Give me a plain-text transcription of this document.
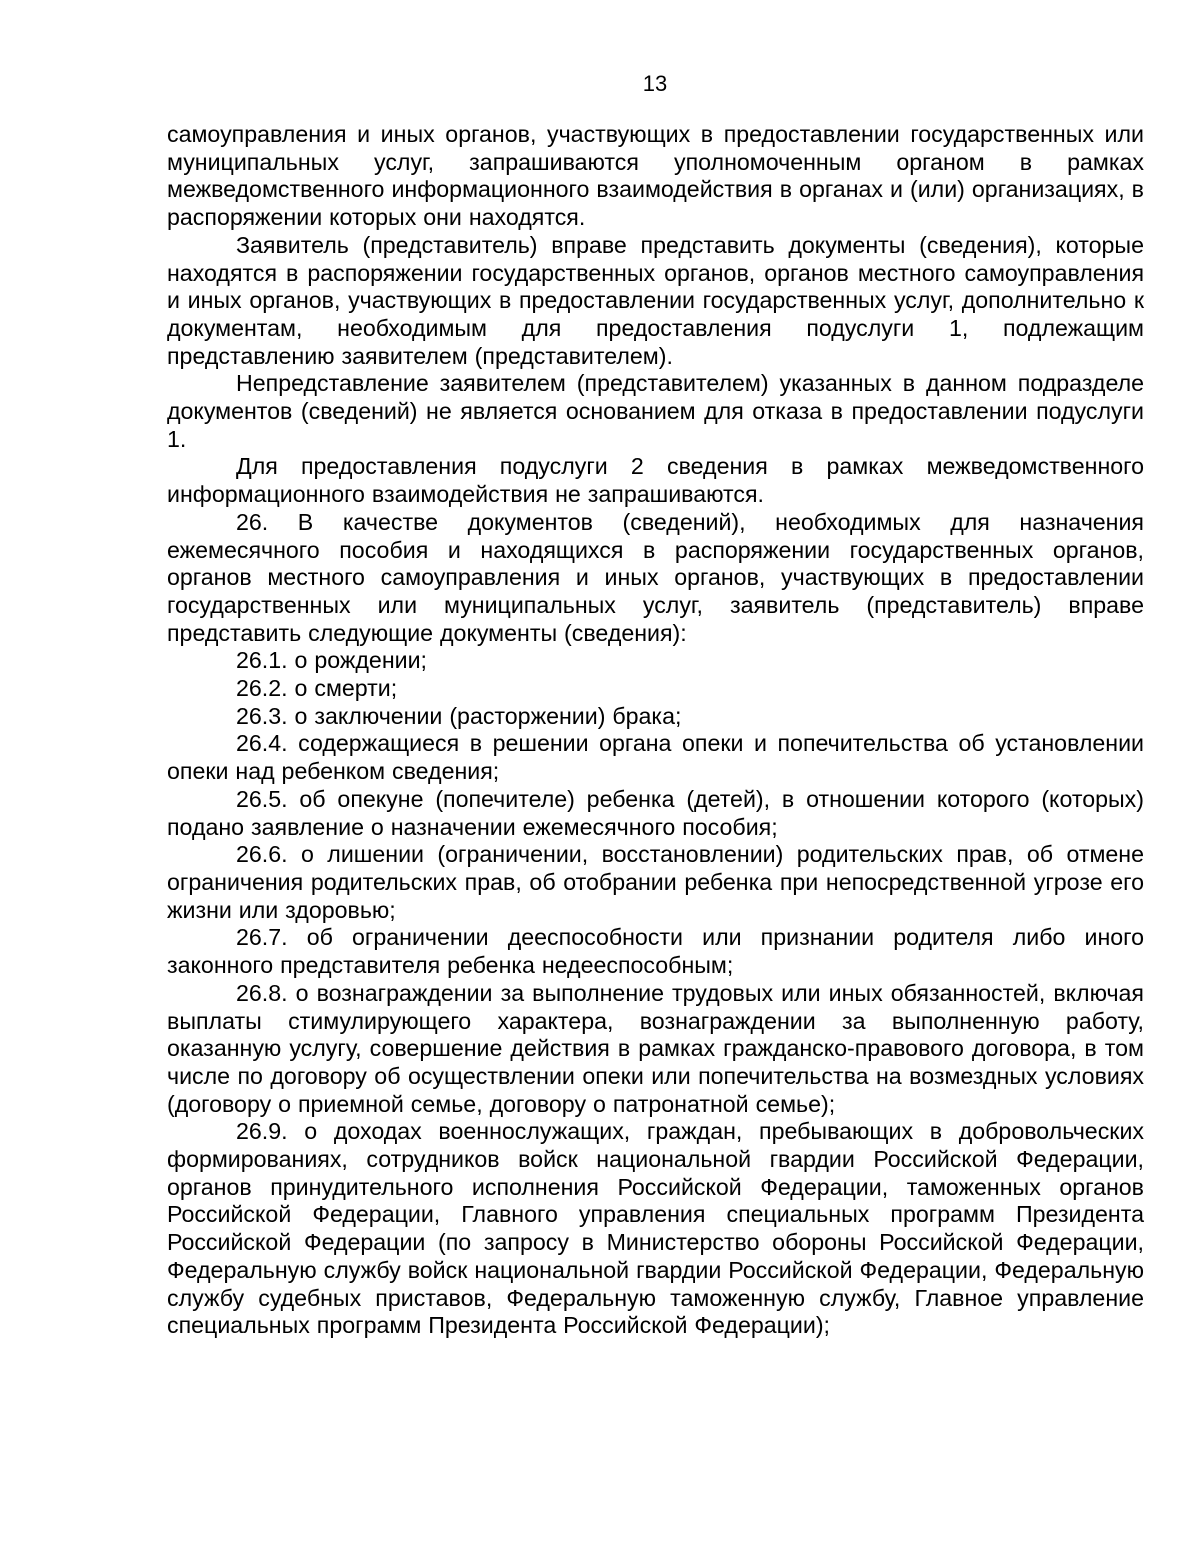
13

самоуправления и иных органов, участвующих в предоставлении государственных или муниципальных услуг, запрашиваются уполномоченным органом в рамках межведомственного информационного взаимодействия в органах и (или) организациях, в распоряжении которых они находятся.

Заявитель (представитель) вправе представить документы (сведения), которые находятся в распоряжении государственных органов, органов местного самоуправления и иных органов, участвующих в предоставлении государственных услуг, дополнительно к документам, необходимым для предоставления подуслуги 1, подлежащим представлению заявителем (представителем).

Непредставление заявителем (представителем) указанных в данном подразделе документов (сведений) не является основанием для отказа в предоставлении подуслуги 1.

Для предоставления подуслуги 2 сведения в рамках межведомственного информационного взаимодействия не запрашиваются.

26. В качестве документов (сведений), необходимых для назначения ежемесячного пособия и находящихся в распоряжении государственных органов, органов местного самоуправления и иных органов, участвующих в предоставлении государственных или муниципальных услуг, заявитель (представитель) вправе представить следующие документы (сведения):

26.1. о рождении;

26.2. о смерти;

26.3. о заключении (расторжении) брака;

26.4. содержащиеся в решении органа опеки и попечительства об установлении опеки над ребенком сведения;

26.5. об опекуне (попечителе) ребенка (детей), в отношении которого (которых) подано заявление о назначении ежемесячного пособия;

26.6. о лишении (ограничении, восстановлении) родительских прав, об отмене ограничения родительских прав, об отобрании ребенка при непосредственной угрозе его жизни или здоровью;

26.7. об ограничении дееспособности или признании родителя либо иного законного представителя ребенка недееспособным;

26.8. о вознаграждении за выполнение трудовых или иных обязанностей, включая выплаты стимулирующего характера, вознаграждении за выполненную работу, оказанную услугу, совершение действия в рамках гражданско-правового договора, в том числе по договору об осуществлении опеки или попечительства на возмездных условиях (договору о приемной семье, договору о патронатной семье);

26.9. о доходах военнослужащих, граждан, пребывающих в добровольческих формированиях, сотрудников войск национальной гвардии Российской Федерации, органов принудительного исполнения Российской Федерации, таможенных органов Российской Федерации, Главного управления специальных программ Президента Российской Федерации (по запросу в Министерство обороны Российской Федерации, Федеральную службу войск национальной гвардии Российской Федерации, Федеральную службу судебных приставов, Федеральную таможенную службу, Главное управление специальных программ Президента Российской Федерации);
